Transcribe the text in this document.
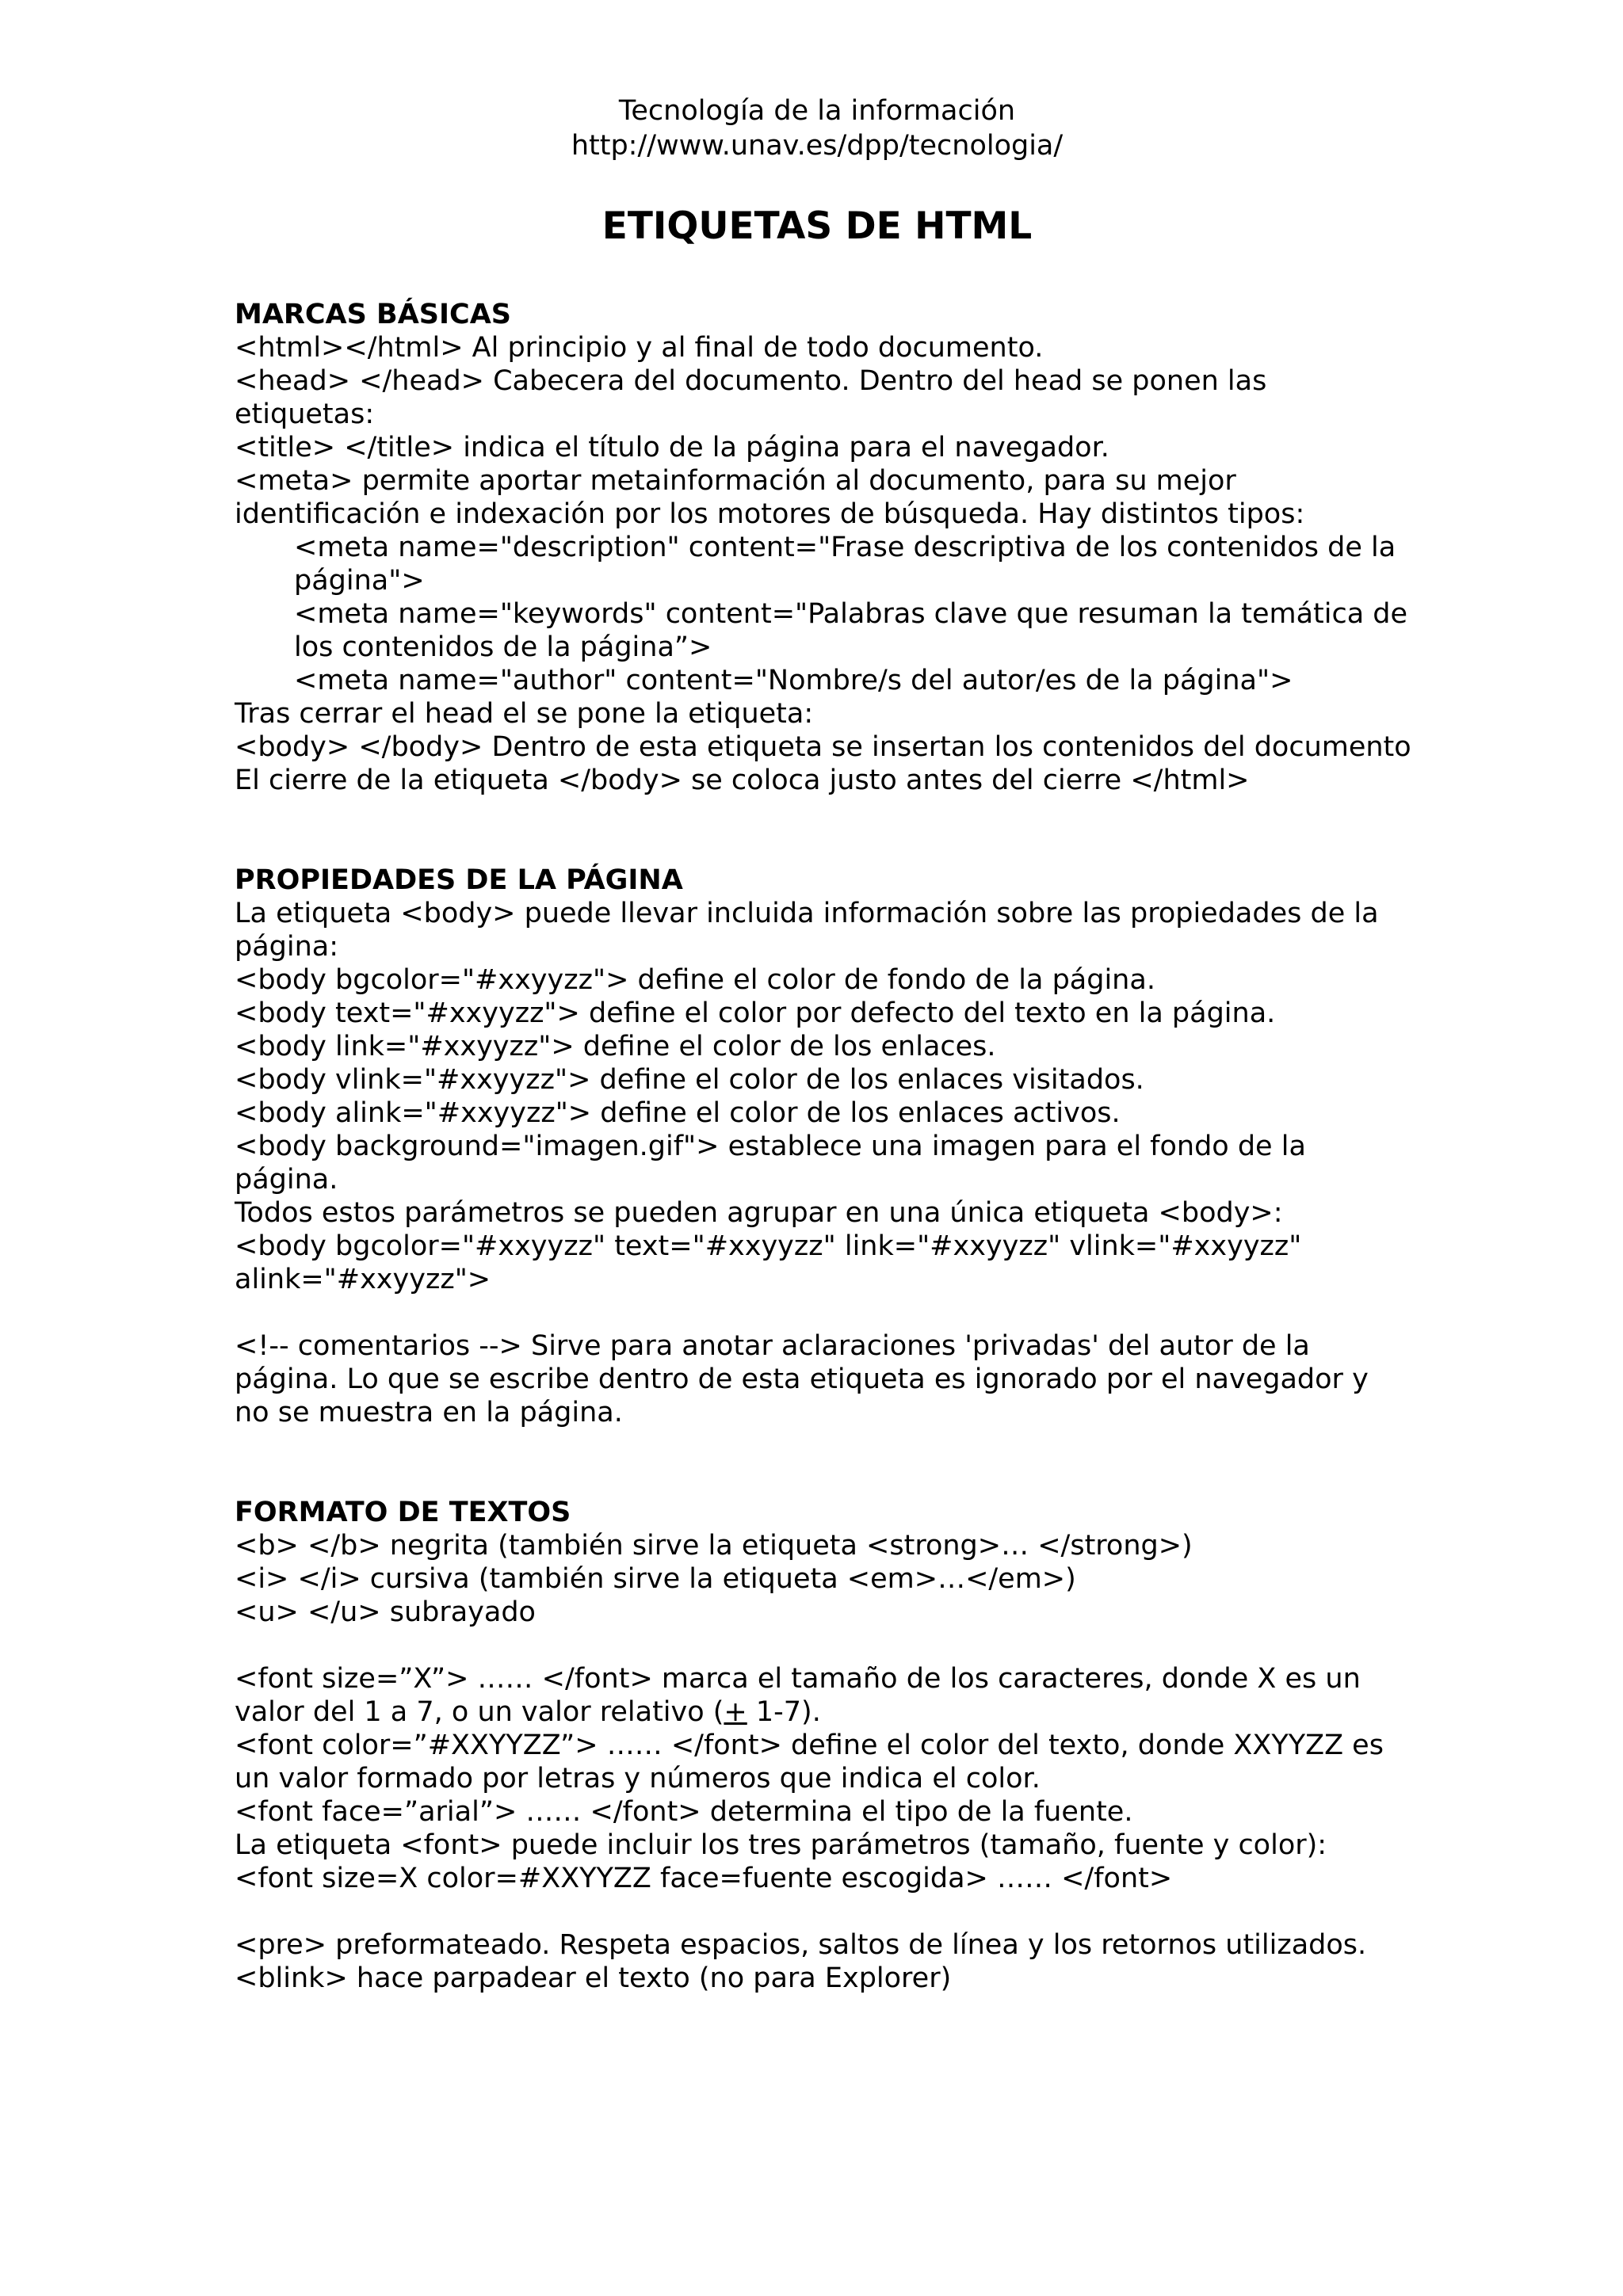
Tecnología de la información
http://www.unav.es/dpp/tecnologia/
ETIQUETAS DE HTML
MARCAS BÁSICAS
<html></html> Al principio y al final de todo documento.
<head> </head> Cabecera del documento. Dentro del head se ponen las
etiquetas:
<title> </title> indica el título de la página para el navegador.
<meta> permite aportar metainformación al documento, para su mejor
identificación e indexación por los motores de búsqueda. Hay distintos tipos:
<meta name="description" content="Frase descriptiva de los contenidos de la
página">
<meta name="keywords" content="Palabras clave que resuman la temática de
los contenidos de la página”>
<meta name="author" content="Nombre/s del autor/es de la página">
Tras cerrar el head el se pone la etiqueta:
<body> </body> Dentro de esta etiqueta se insertan los contenidos del documento
El cierre de la etiqueta </body> se coloca justo antes del cierre </html>
PROPIEDADES DE LA PÁGINA
La etiqueta <body> puede llevar incluida información sobre las propiedades de la
página:
<body bgcolor="#xxyyzz"> define el color de fondo de la página.
<body text="#xxyyzz"> define el color por defecto del texto en la página.
<body link="#xxyyzz"> define el color de los enlaces.
<body vlink="#xxyyzz"> define el color de los enlaces visitados.
<body alink="#xxyyzz"> define el color de los enlaces activos.
<body background="imagen.gif"> establece una imagen para el fondo de la
página.
Todos estos parámetros se pueden agrupar en una única etiqueta <body>:
<body bgcolor="#xxyyzz" text="#xxyyzz" link="#xxyyzz" vlink="#xxyyzz"
alink="#xxyyzz">
<!-- comentarios --> Sirve para anotar aclaraciones 'privadas' del autor de la
página. Lo que se escribe dentro de esta etiqueta es ignorado por el navegador y
no se muestra en la página.
FORMATO DE TEXTOS
<b> </b> negrita (también sirve la etiqueta <strong>… </strong>)
<i> </i> cursiva (también sirve la etiqueta <em>…</em>)
<u> </u> subrayado
<font size=”X”> …… </font> marca el tamaño de los caracteres, donde X es un
valor del 1 a 7, o un valor relativo (+ 1-7).
<font color=”#XXYYZZ”> …… </font> define el color del texto, donde XXYYZZ es
un valor formado por letras y números que indica el color.
<font face=”arial”> …… </font> determina el tipo de la fuente.
La etiqueta <font> puede incluir los tres parámetros (tamaño, fuente y color):
<font size=X color=#XXYYZZ face=fuente escogida> …… </font>
<pre> preformateado. Respeta espacios, saltos de línea y los retornos utilizados.
<blink> hace parpadear el texto (no para Explorer)
